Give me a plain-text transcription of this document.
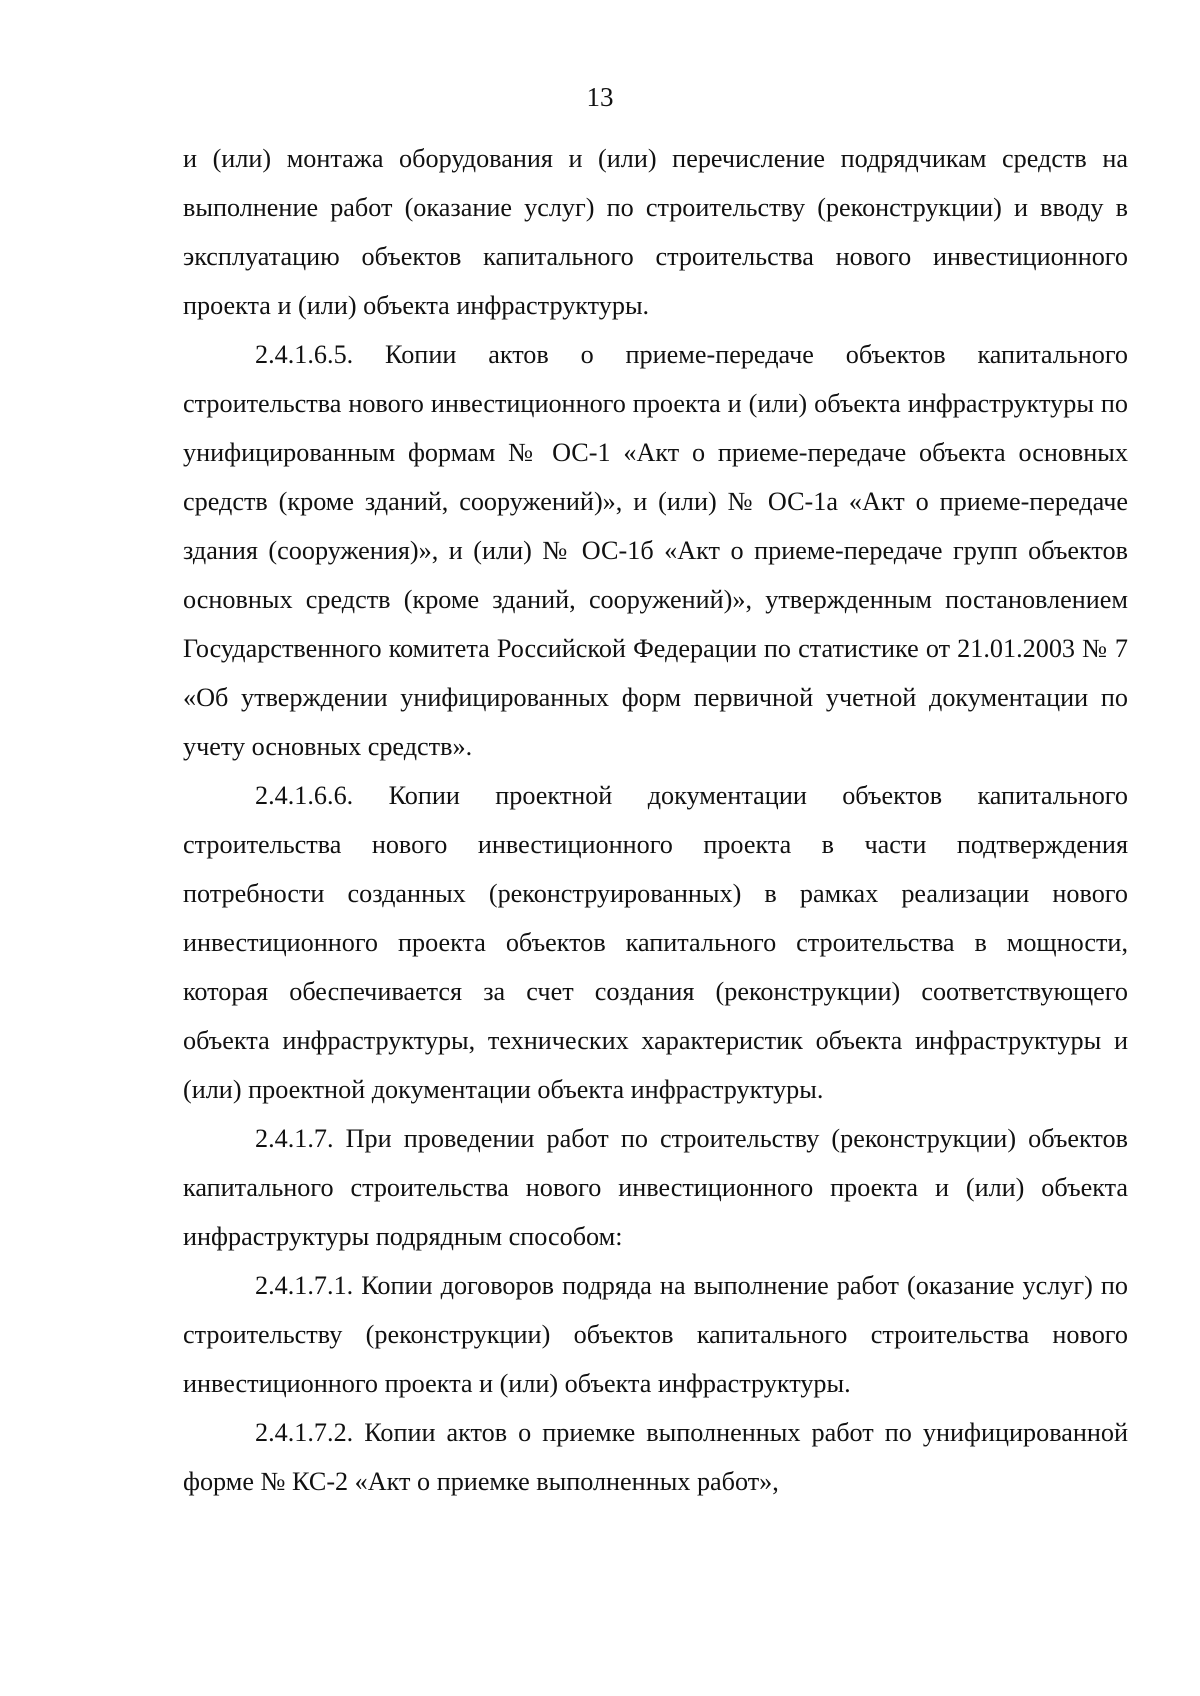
13

и (или) монтажа оборудования и (или) перечисление подрядчикам средств на выполнение работ (оказание услуг) по строительству (реконструкции) и вводу в эксплуатацию объектов капитального строительства нового инвестиционного проекта и (или) объекта инфраструктуры.

2.4.1.6.5. Копии актов о приеме-передаче объектов капитального строительства нового инвестиционного проекта и (или) объекта инфраструктуры по унифицированным формам № ОС-1 «Акт о приеме-передаче объекта основных средств (кроме зданий, сооружений)», и (или) № ОС-1а «Акт о приеме-передаче здания (сооружения)», и (или) № ОС-1б «Акт о приеме-передаче групп объектов основных средств (кроме зданий, сооружений)», утвержденным постановлением Государственного комитета Российской Федерации по статистике от 21.01.2003 № 7 «Об утверждении унифицированных форм первичной учетной документации по учету основных средств».

2.4.1.6.6. Копии проектной документации объектов капитального строительства нового инвестиционного проекта в части подтверждения потребности созданных (реконструированных) в рамках реализации нового инвестиционного проекта объектов капитального строительства в мощности, которая обеспечивается за счет создания (реконструкции) соответствующего объекта инфраструктуры, технических характеристик объекта инфраструктуры и (или) проектной документации объекта инфраструктуры.

2.4.1.7. При проведении работ по строительству (реконструкции) объектов капитального строительства нового инвестиционного проекта и (или) объекта инфраструктуры подрядным способом:

2.4.1.7.1. Копии договоров подряда на выполнение работ (оказание услуг) по строительству (реконструкции) объектов капитального строительства нового инвестиционного проекта и (или) объекта инфраструктуры.

2.4.1.7.2. Копии актов о приемке выполненных работ по унифицированной форме № КС-2 «Акт о приемке выполненных работ»,
